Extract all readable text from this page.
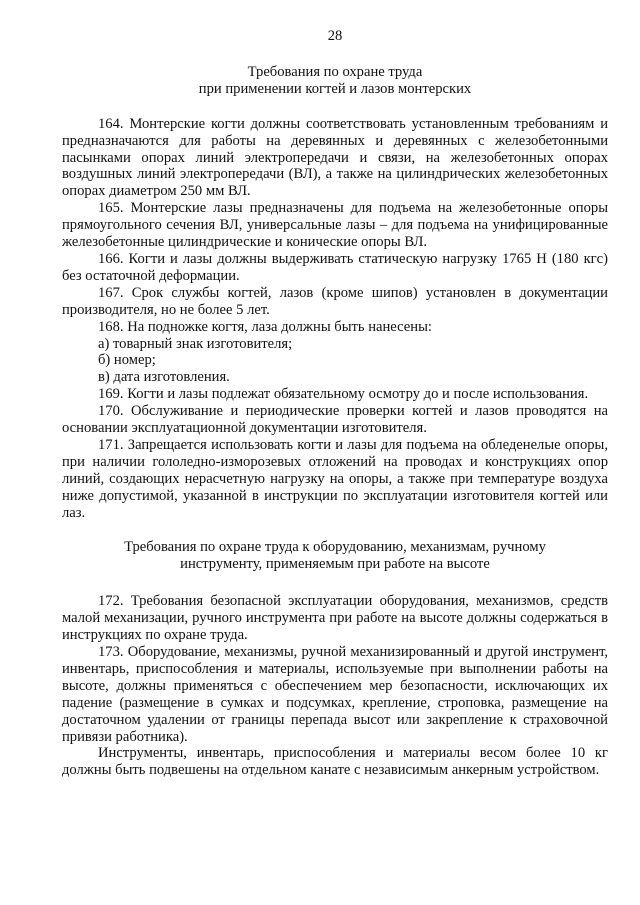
28
Требования по охране труда
при применении когтей и лазов монтерских

164. Монтерские когти должны соответствовать установленным требованиям и предназначаются для работы на деревянных и деревянных с железобетонными пасынками опорах линий электропередачи и связи, на железобетонных опорах воздушных линий электропередачи (ВЛ), а также на цилиндрических железобетонных опорах диаметром 250 мм ВЛ.

165. Монтерские лазы предназначены для подъема на железобетонные опоры прямоугольного сечения ВЛ, универсальные лазы – для подъема на унифицированные железобетонные цилиндрические и конические опоры ВЛ.

166. Когти и лазы должны выдерживать статическую нагрузку 1765 Н (180 кгс) без остаточной деформации.

167. Срок службы когтей, лазов (кроме шипов) установлен в документации производителя, но не более 5 лет.

168. На подножке когтя, лаза должны быть нанесены:

а) товарный знак изготовителя;

б) номер;

в) дата изготовления.

169. Когти и лазы подлежат обязательному осмотру до и после использования.

170. Обслуживание и периодические проверки когтей и лазов проводятся на основании эксплуатационной документации изготовителя.

171. Запрещается использовать когти и лазы для подъема на обледенелые опоры, при наличии гололедно-изморозевых отложений на проводах и конструкциях опор линий, создающих нерасчетную нагрузку на опоры, а также при температуре воздуха ниже допустимой, указанной в инструкции по эксплуатации изготовителя когтей или лаз.

Требования по охране труда к оборудованию, механизмам, ручному
инструменту, применяемым при работе на высоте

172. Требования безопасной эксплуатации оборудования, механизмов, средств малой механизации, ручного инструмента при работе на высоте должны содержаться в инструкциях по охране труда.

173. Оборудование, механизмы, ручной механизированный и другой инструмент, инвентарь, приспособления и материалы, используемые при выполнении работы на высоте, должны применяться с обеспечением мер безопасности, исключающих их падение (размещение в сумках и подсумках, крепление, строповка, размещение на достаточном удалении от границы перепада высот или закрепление к страховочной привязи работника).

Инструменты, инвентарь, приспособления и материалы весом более 10 кг должны быть подвешены на отдельном канате с независимым анкерным устройством.
